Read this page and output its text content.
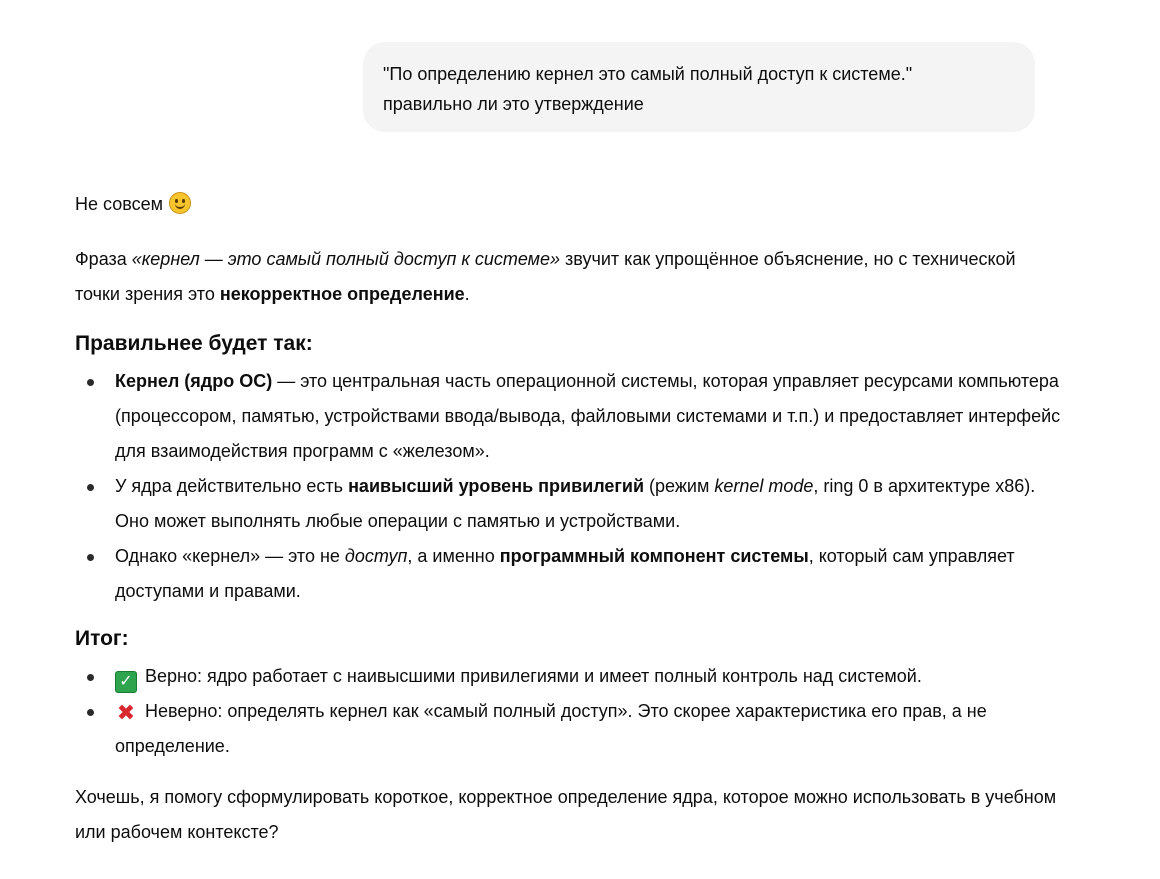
"По определению кернел это самый полный доступ к системе."

правильно ли это утверждение

Не совсем

Фраза «кернел — это самый полный доступ к системе» звучит как упрощённое объяснение, но с технической точки зрения это некорректное определение.

Правильнее будет так:
Кернел (ядро ОС) — это центральная часть операционной системы, которая управляет ресурсами компьютера (процессором, памятью, устройствами ввода/вывода, файловыми системами и т.п.) и предоставляет интерфейс для взаимодействия программ с «железом».
У ядра действительно есть наивысший уровень привилегий (режим kernel mode, ring 0 в архитектуре x86). Оно может выполнять любые операции с памятью и устройствами.
Однако «кернел» — это не доступ, а именно программный компонент системы, который сам управляет доступами и правами.
Итог:
✓ Верно: ядро работает с наивысшими привилегиями и имеет полный контроль над системой.
✖ Неверно: определять кернел как «самый полный доступ». Это скорее характеристика его прав, а не определение.

Хочешь, я помогу сформулировать короткое, корректное определение ядра, которое можно использовать в учебном или рабочем контексте?
